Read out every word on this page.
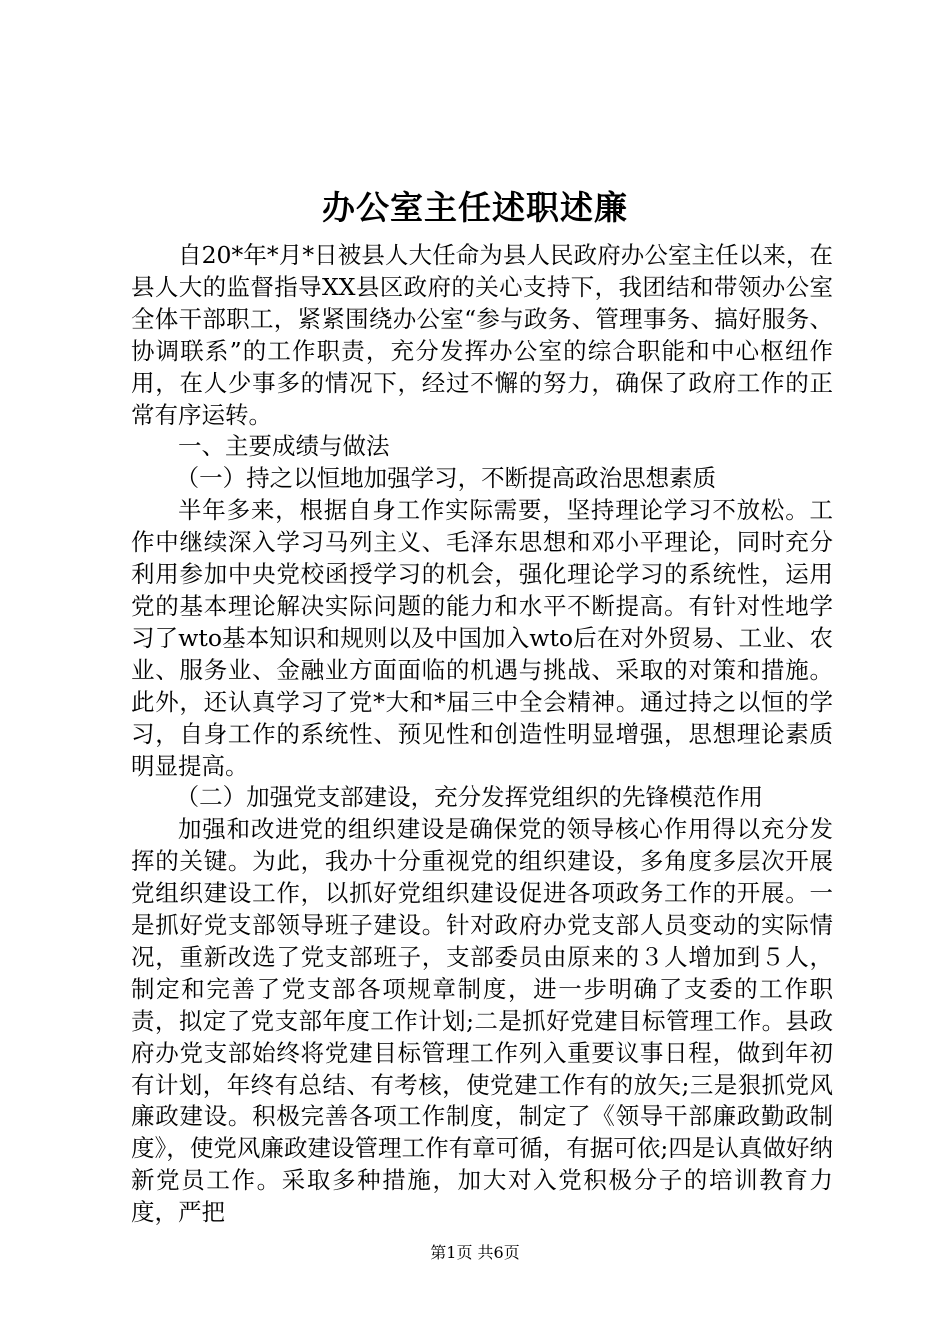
办公室主任述职述廉

自20*年*月*日被县人大任命为县人民政府办公室主任以来，在县人大的监督指导XX县区政府的关心支持下，我团结和带领办公室全体干部职工，紧紧围绕办公室“参与政务、管理事务、搞好服务、协调联系”的工作职责，充分发挥办公室的综合职能和中心枢纽作用，在人少事多的情况下，经过不懈的努力，确保了政府工作的正常有序运转。

一、主要成绩与做法

（一）持之以恒地加强学习，不断提高政治思想素质

半年多来，根据自身工作实际需要，坚持理论学习不放松。工作中继续深入学习马列主义、毛泽东思想和邓小平理论，同时充分利用参加中央党校函授学习的机会，强化理论学习的系统性，运用党的基本理论解决实际问题的能力和水平不断提高。有针对性地学习了wto基本知识和规则以及中国加入wto后在对外贸易、工业、农业、服务业、金融业方面面临的机遇与挑战、采取的对策和措施。此外，还认真学习了党*大和*届三中全会精神。通过持之以恒的学习，自身工作的系统性、预见性和创造性明显增强，思想理论素质明显提高。

（二）加强党支部建设，充分发挥党组织的先锋模范作用

加强和改进党的组织建设是确保党的领导核心作用得以充分发挥的关键。为此，我办十分重视党的组织建设，多角度多层次开展党组织建设工作，以抓好党组织建设促进各项政务工作的开展。一是抓好党支部领导班子建设。针对政府办党支部人员变动的实际情况，重新改选了党支部班子，支部委员由原来的３人增加到５人，制定和完善了党支部各项规章制度，进一步明确了支委的工作职责，拟定了党支部年度工作计划;二是抓好党建目标管理工作。县政府办党支部始终将党建目标管理工作列入重要议事日程，做到年初有计划，年终有总结、有考核，使党建工作有的放矢;三是狠抓党风廉政建设。积极完善各项工作制度，制定了《领导干部廉政勤政制度》，使党风廉政建设管理工作有章可循，有据可依;四是认真做好纳新党员工作。采取多种措施，加大对入党积极分子的培训教育力度，严把

第1页 共6页
